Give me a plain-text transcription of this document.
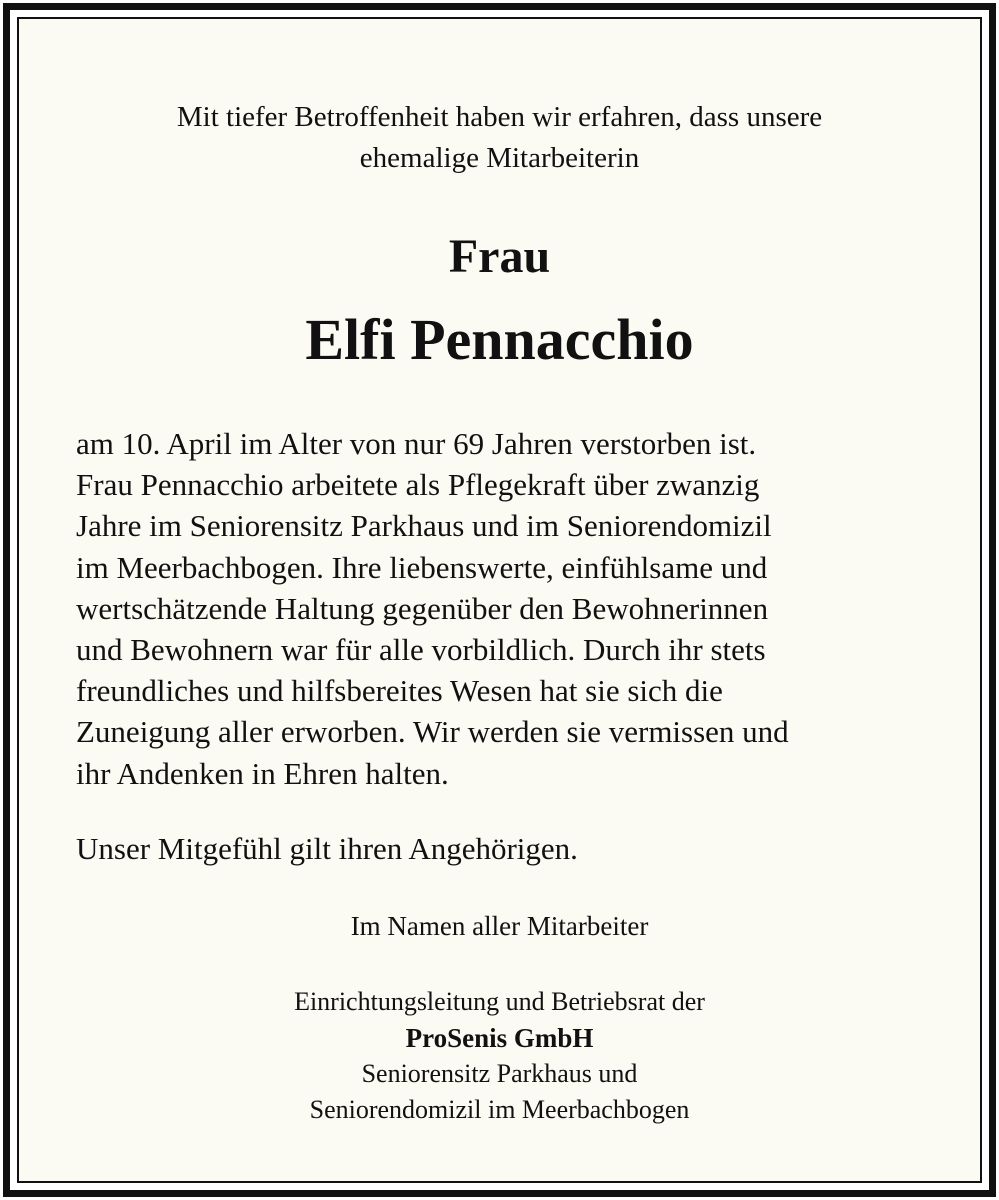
Mit tiefer Betroffenheit haben wir erfahren, dass unsere
ehemalige Mitarbeiterin
Frau
Elfi Pennacchio
am 10. April im Alter von nur 69 Jahren verstorben ist.
Frau Pennacchio arbeitete als Pflegekraft über zwanzig
Jahre im Seniorensitz Parkhaus und im Seniorendomizil
im Meerbachbogen. Ihre liebenswerte, einfühlsame und
wertschätzende Haltung gegenüber den Bewohnerinnen
und Bewohnern war für alle vorbildlich. Durch ihr stets
freundliches und hilfsbereites Wesen hat sie sich die
Zuneigung aller erworben. Wir werden sie vermissen und
ihr Andenken in Ehren halten.
Unser Mitgefühl gilt ihren Angehörigen.
Im Namen aller Mitarbeiter
Einrichtungsleitung und Betriebsrat der
ProSenis GmbH
Seniorensitz Parkhaus und
Seniorendomizil im Meerbachbogen
